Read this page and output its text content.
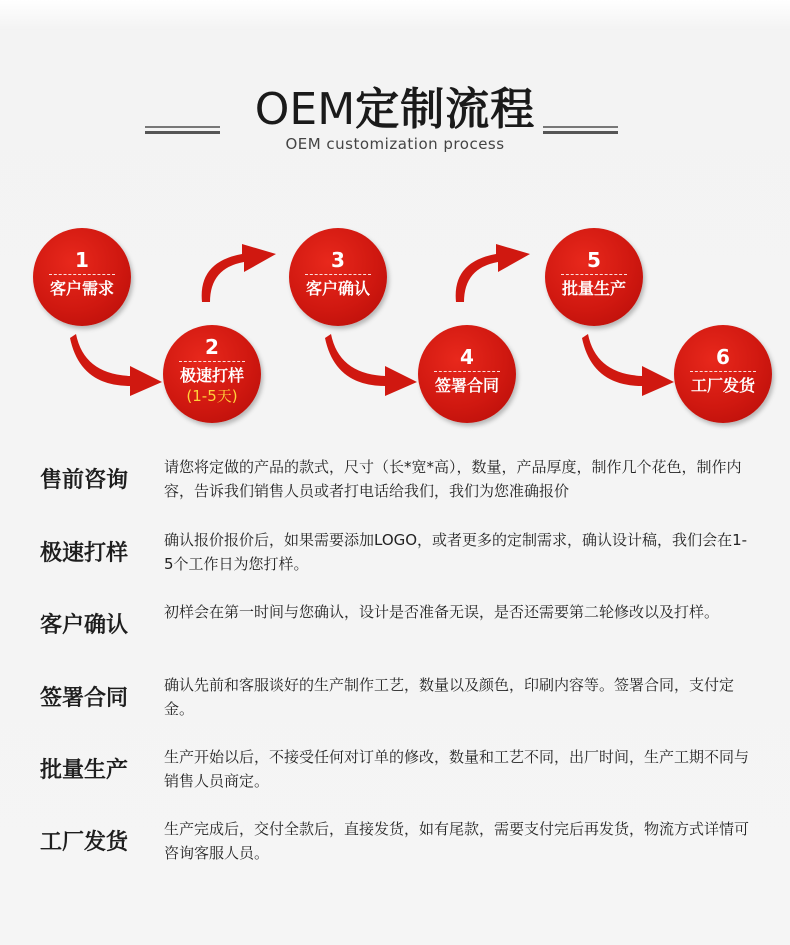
OEM定制流程
OEM customization process
1
客户需求
2
极速打样
(1-5天)
3
客户确认
4
签署合同
5
批量生产
6
工厂发货
售前咨询
请您将定做的产品的款式，尺寸（长*宽*高），数量，产品厚度，制作几个花色，制作内容，告诉我们销售人员或者打电话给我们，我们为您准确报价
极速打样
确认报价报价后，如果需要添加LOGO，或者更多的定制需求，确认设计稿，我们会在1-5个工作日为您打样。
客户确认
初样会在第一时间与您确认，设计是否准备无误，是否还需要第二轮修改以及打样。
签署合同
确认先前和客服谈好的生产制作工艺，数量以及颜色，印刷内容等。签署合同，支付定金。
批量生产
生产开始以后，不接受任何对订单的修改，数量和工艺不同，出厂时间，生产工期不同与销售人员商定。
工厂发货
生产完成后，交付全款后，直接发货，如有尾款，需要支付完后再发货，物流方式详情可咨询客服人员。
